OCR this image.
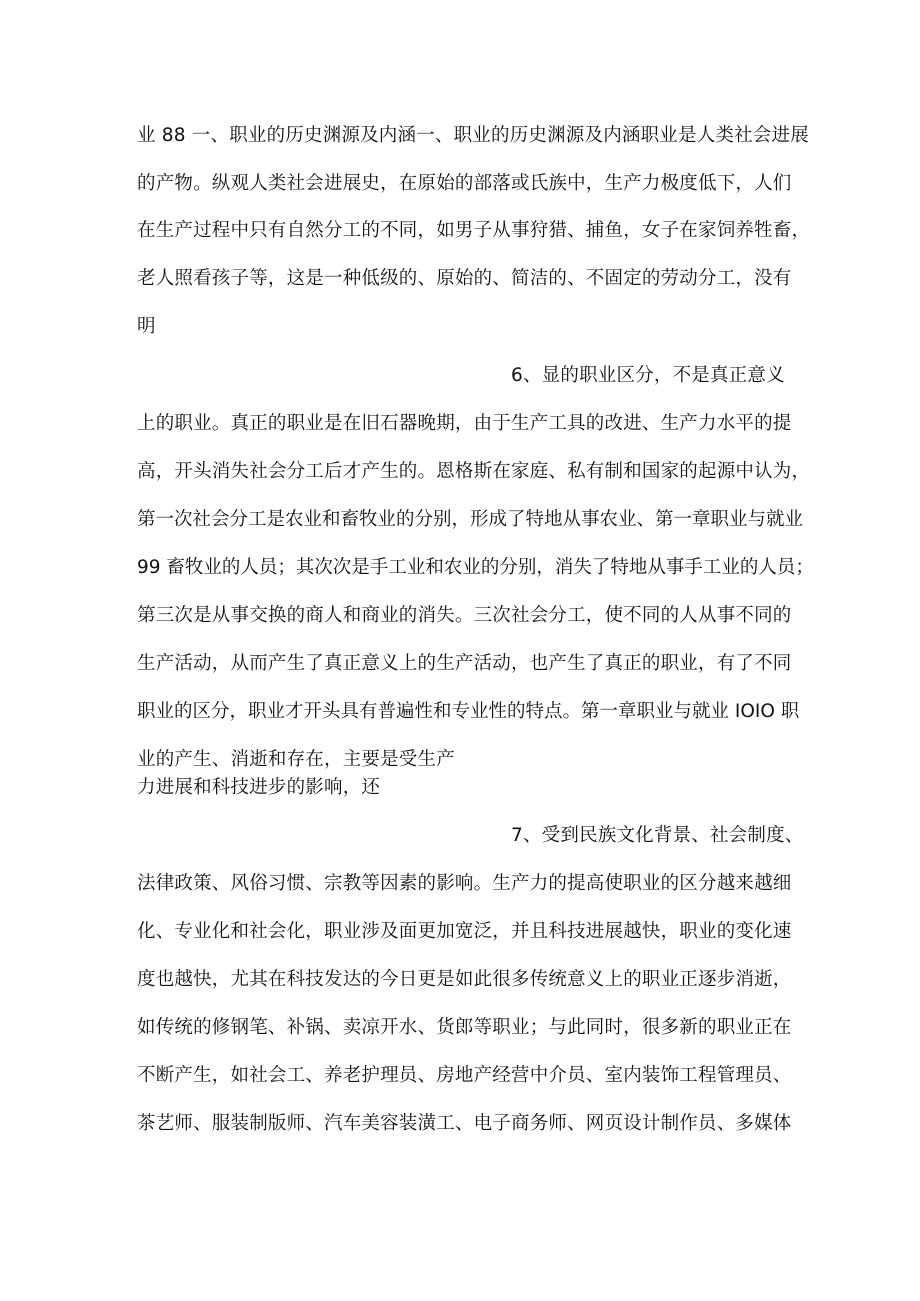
业 88 一、职业的历史渊源及内涵一、职业的历史渊源及内涵职业是人类社会进展
的产物。纵观人类社会进展史，在原始的部落或氏族中，生产力极度低下，人们
在生产过程中只有自然分工的不同，如男子从事狩猎、捕鱼，女子在家饲养牲畜，
老人照看孩子等，这是一种低级的、原始的、简洁的、不固定的劳动分工，没有
明
6、显的职业区分，不是真正意义
上的职业。真正的职业是在旧石器晚期，由于生产工具的改进、生产力水平的提
高，开头消失社会分工后才产生的。恩格斯在家庭、私有制和国家的起源中认为，
第一次社会分工是农业和畜牧业的分别，形成了特地从事农业、第一章职业与就业
99 畜牧业的人员；其次次是手工业和农业的分别，消失了特地从事手工业的人员；
第三次是从事交换的商人和商业的消失。三次社会分工，使不同的人从事不同的
生产活动，从而产生了真正意义上的生产活动，也产生了真正的职业，有了不同
职业的区分，职业才开头具有普遍性和专业性的特点。第一章职业与就业 IOIO 职
业的产生、消逝和存在，主要是受生产
力进展和科技进步的影响，还
7、受到民族文化背景、社会制度、
法律政策、风俗习惯、宗教等因素的影响。生产力的提高使职业的区分越来越细
化、专业化和社会化，职业涉及面更加宽泛，并且科技进展越快，职业的变化速
度也越快，尤其在科技发达的今日更是如此很多传统意义上的职业正逐步消逝，
如传统的修钢笔、补锅、卖凉开水、货郎等职业；与此同时，很多新的职业正在
不断产生，如社会工、养老护理员、房地产经营中介员、室内装饰工程管理员、
茶艺师、服装制版师、汽车美容装潢工、电子商务师、网页设计制作员、多媒体
